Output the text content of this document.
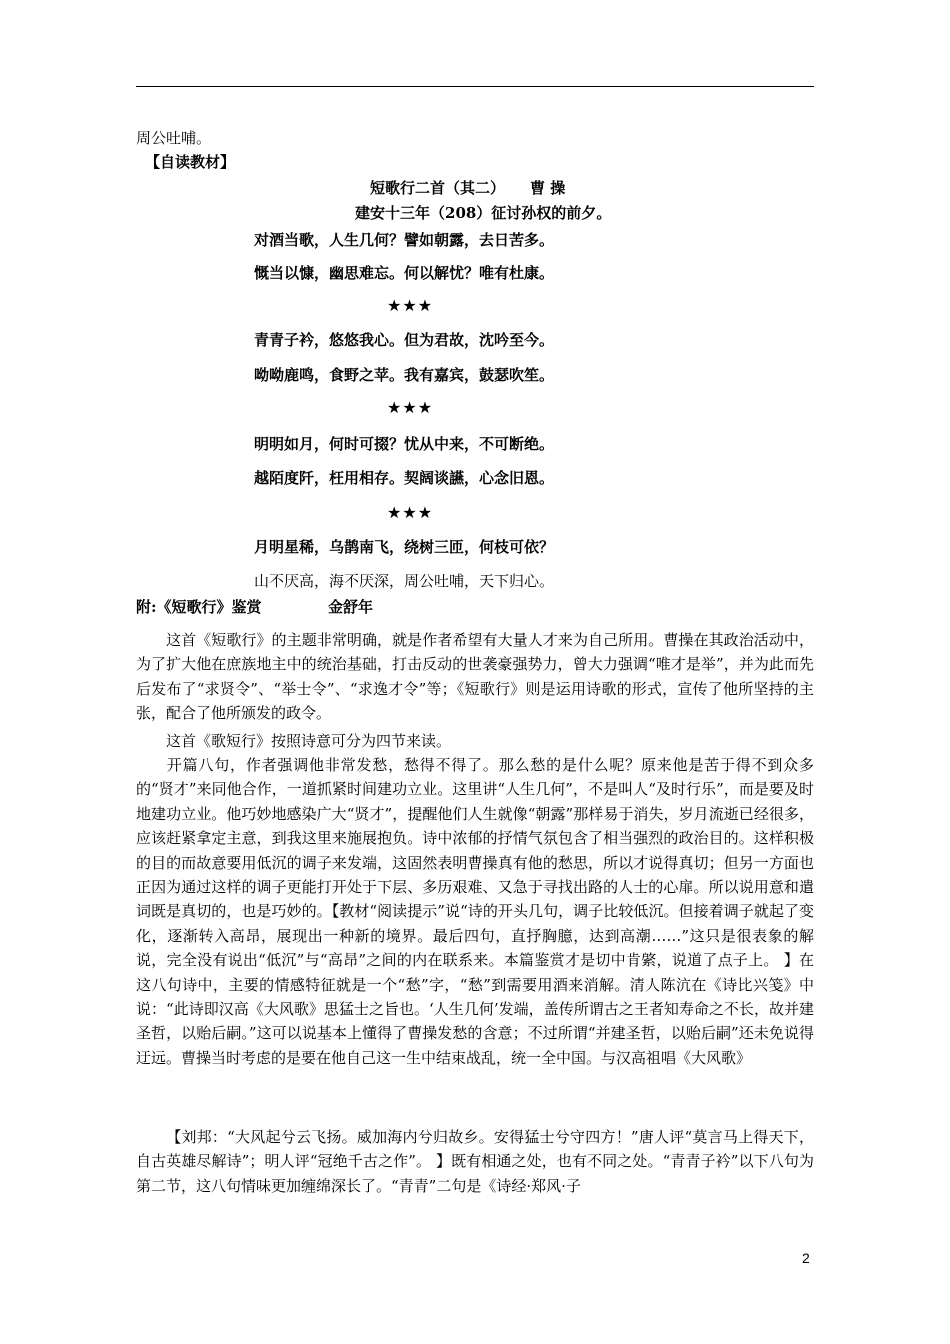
周公吐哺。
【自读教材】
短歌行二首（其二） 曹 操
建安十三年（208）征讨孙权的前夕。
对酒当歌，人生几何？譬如朝露，去日苦多。
慨当以慷，幽思难忘。何以解忧？唯有杜康。
★★★
青青子衿，悠悠我心。但为君故，沈吟至今。
呦呦鹿鸣，食野之苹。我有嘉宾，鼓瑟吹笙。
★★★
明明如月，何时可掇？忧从中来，不可断绝。
越陌度阡，枉用相存。契阔谈讌，心念旧恩。
★★★
月明星稀，乌鹊南飞，绕树三匝，何枝可依？
山不厌高，海不厌深，周公吐哺，天下归心。
附:《短歌行》鉴赏	金舒年
这首《短歌行》的主题非常明确，就是作者希望有大量人才来为自己所用。曹操在其政治活动中，为了扩大他在庶族地主中的统治基础，打击反动的世袭豪强势力，曾大力强调“唯才是举”，并为此而先后发布了“求贤令”、“举士令”、“求逸才令”等；《短歌行》则是运用诗歌的形式，宣传了他所坚持的主张，配合了他所颁发的政令。
这首《歌短行》按照诗意可分为四节来读。
开篇八句，作者强调他非常发愁，愁得不得了。那么愁的是什么呢？原来他是苦于得不到众多的“贤才”来同他合作，一道抓紧时间建功立业。这里讲“人生几何”，不是叫人“及时行乐”，而是要及时地建功立业。他巧妙地感染广大“贤才”，提醒他们人生就像“朝露”那样易于消失，岁月流逝已经很多，应该赶紧拿定主意，到我这里来施展抱负。诗中浓郁的抒情气氛包含了相当强烈的政治目的。这样积极的目的而故意要用低沉的调子来发端，这固然表明曹操真有他的愁思，所以才说得真切；但另一方面也正因为通过这样的调子更能打开处于下层、多历艰难、又急于寻找出路的人士的心扉。所以说用意和遣词既是真切的，也是巧妙的。【教材“阅读提示”说“诗的开头几句，调子比较低沉。但接着调子就起了变化，逐渐转入高昂，展现出一种新的境界。最后四句，直抒胸臆，达到高潮……”这只是很表象的解说，完全没有说出“低沉”与“高昂”之间的内在联系来。本篇鉴赏才是切中肯綮，说道了点子上。 】在这八句诗中，主要的情感特征就是一个“愁”字，“愁”到需要用酒来消解。清人陈沆在《诗比兴笺》中说：“此诗即汉高《大风歌》思猛士之旨也。‘人生几何’发端，盖传所谓古之王者知寿命之不长，故并建圣哲，以贻后嗣。”这可以说基本上懂得了曹操发愁的含意；不过所谓“并建圣哲，以贻后嗣”还未免说得迂远。曹操当时考虑的是要在他自己这一生中结束战乱，统一全中国。与汉高祖唱《大风歌》
【刘邦：“大风起兮云飞扬。威加海内兮归故乡。安得猛士兮守四方！”唐人评“莫言马上得天下，自古英雄尽解诗”；明人评“冠绝千古之作”。 】既有相通之处，也有不同之处。“青青子衿”以下八句为第二节，这八句情味更加缠绵深长了。“青青”二句是《诗经·郑风·子
2
